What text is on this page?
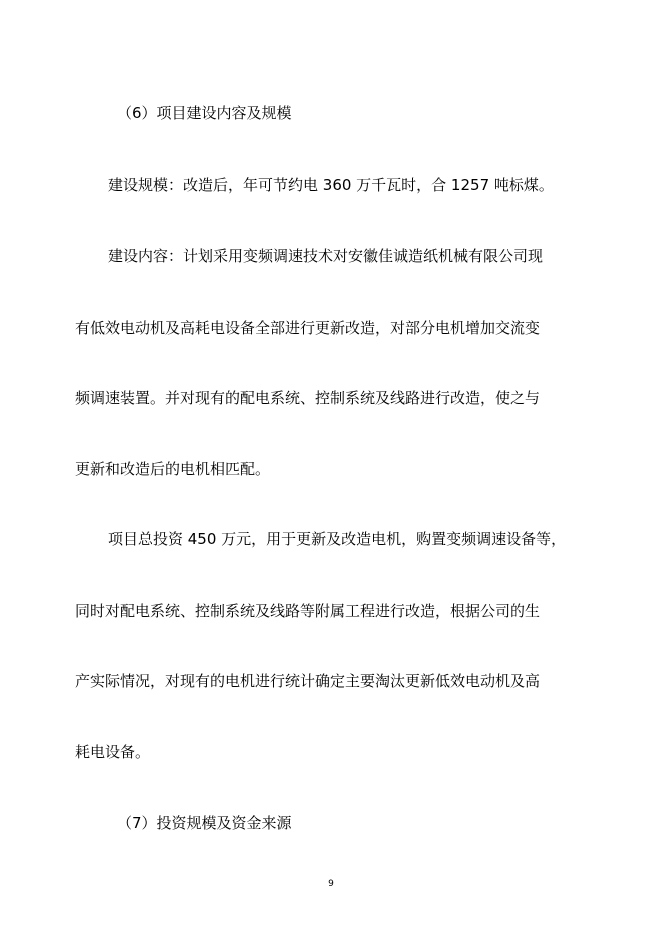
（6）项目建设内容及规模
建设规模：改造后，年可节约电 360 万千瓦时，合 1257 吨标煤。
建设内容：计划采用变频调速技术对安徽佳诚造纸机械有限公司现
有低效电动机及高耗电设备全部进行更新改造，对部分电机增加交流变
频调速装置。并对现有的配电系统、控制系统及线路进行改造，使之与
更新和改造后的电机相匹配。
项目总投资 450 万元，用于更新及改造电机，购置变频调速设备等，
同时对配电系统、控制系统及线路等附属工程进行改造，根据公司的生
产实际情况，对现有的电机进行统计确定主要淘汰更新低效电动机及高
耗电设备。
（7）投资规模及资金来源
9
